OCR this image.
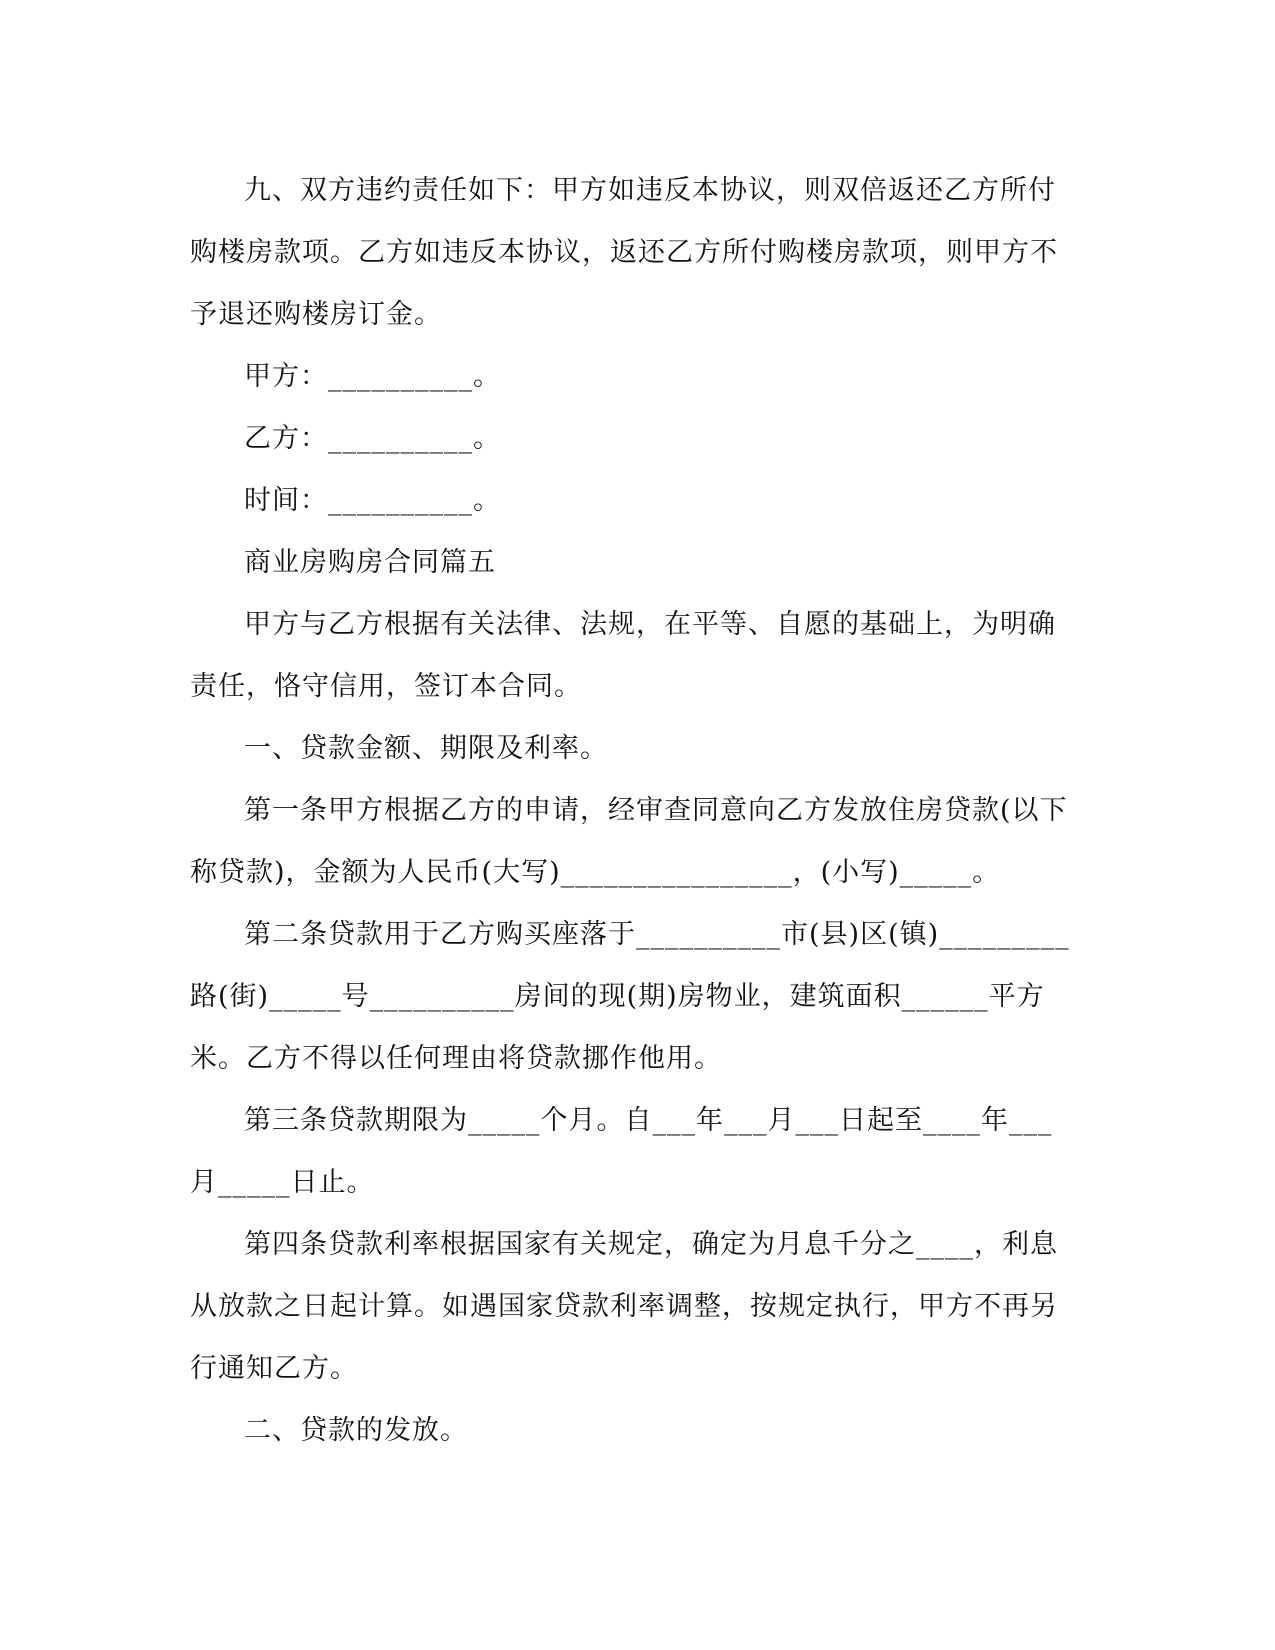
九、双方违约责任如下：甲方如违反本协议，则双倍返还乙方所付购楼房款项。乙方如违反本协议，返还乙方所付购楼房款项，则甲方不予退还购楼房订金。

甲方：__________。

乙方：__________。

时间：__________。

商业房购房合同篇五

甲方与乙方根据有关法律、法规，在平等、自愿的基础上，为明确责任，恪守信用，签订本合同。

一、贷款金额、期限及利率。

第一条甲方根据乙方的申请，经审查同意向乙方发放住房贷款(以下称贷款)，金额为人民币(大写)________________，(小写)_____。

第二条贷款用于乙方购买座落于__________市(县)区(镇)_________路(街)_____号__________房间的现(期)房物业，建筑面积______平方米。乙方不得以任何理由将贷款挪作他用。

第三条贷款期限为_____个月。自___年___月___日起至____年___月_____日止。

第四条贷款利率根据国家有关规定，确定为月息千分之____，利息从放款之日起计算。如遇国家贷款利率调整，按规定执行，甲方不再另行通知乙方。

二、贷款的发放。
